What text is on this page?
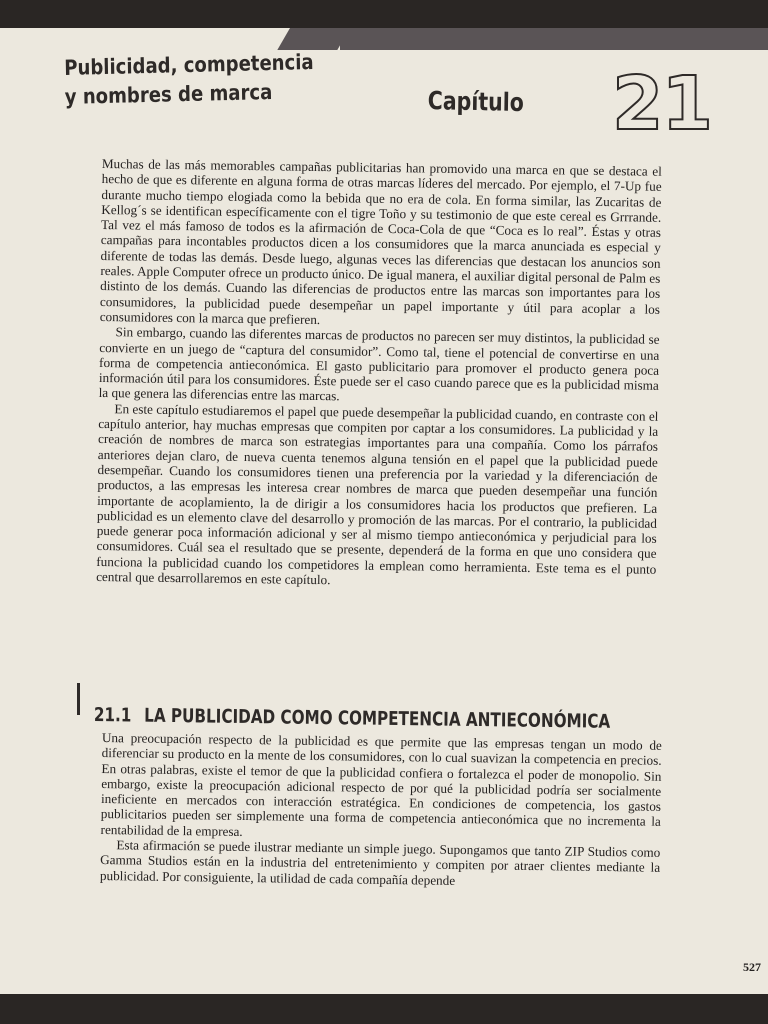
Publicidad, competencia
y nombres de marca	Capítulo 21

Muchas de las más memorables campañas publicitarias han promovido una marca en que se destaca el hecho de que es diferente en alguna forma de otras marcas líderes del mercado. Por ejemplo, el 7-Up fue durante mucho tiempo elogiada como la bebida que no era de cola. En forma similar, las Zucaritas de Kellog´s se identifican específicamente con el tigre Toño y su testimonio de que este cereal es Grrrande. Tal vez el más famoso de todos es la afirmación de Coca-Cola de que “Coca es lo real”. Éstas y otras campañas para incontables productos dicen a los consumidores que la marca anunciada es especial y diferente de todas las demás. Desde luego, algunas veces las diferencias que destacan los anuncios son reales. Apple Computer ofrece un producto único. De igual manera, el auxiliar digital personal de Palm es distinto de los demás. Cuando las diferencias de productos entre las marcas son importantes para los consumidores, la publicidad puede desempeñar un papel importante y útil para acoplar a los consumidores con la marca que prefieren.

Sin embargo, cuando las diferentes marcas de productos no parecen ser muy distintos, la publicidad se convierte en un juego de “captura del consumidor”. Como tal, tiene el potencial de convertirse en una forma de competencia antieconómica. El gasto publicitario para promover el producto genera poca información útil para los consumidores. Éste puede ser el caso cuando parece que es la publicidad misma la que genera las diferencias entre las marcas.

En este capítulo estudiaremos el papel que puede desempeñar la publicidad cuando, en contraste con el capítulo anterior, hay muchas empresas que compiten por captar a los consumidores. La publicidad y la creación de nombres de marca son estrategias importantes para una compañía. Como los párrafos anteriores dejan claro, de nueva cuenta tenemos alguna tensión en el papel que la publicidad puede desempeñar. Cuando los consumidores tienen una preferencia por la variedad y la diferenciación de productos, a las empresas les interesa crear nombres de marca que pueden desempeñar una función importante de acoplamiento, la de dirigir a los consumidores hacia los productos que prefieren. La publicidad es un elemento clave del desarrollo y promoción de las marcas. Por el contrario, la publicidad puede generar poca información adicional y ser al mismo tiempo antieconómica y perjudicial para los consumidores. Cuál sea el resultado que se presente, dependerá de la forma en que uno considera que funciona la publicidad cuando los competidores la emplean como herramienta. Este tema es el punto central que desarrollaremos en este capítulo.

21.1 LA PUBLICIDAD COMO COMPETENCIA ANTIECONÓMICA

Una preocupación respecto de la publicidad es que permite que las empresas tengan un modo de diferenciar su producto en la mente de los consumidores, con lo cual suavizan la competencia en precios. En otras palabras, existe el temor de que la publicidad confiera o fortalezca el poder de monopolio. Sin embargo, existe la preocupación adicional respecto de por qué la publicidad podría ser socialmente ineficiente en mercados con interacción estratégica. En condiciones de competencia, los gastos publicitarios pueden ser simplemente una forma de competencia antieconómica que no incrementa la rentabilidad de la empresa.

Esta afirmación se puede ilustrar mediante un simple juego. Supongamos que tanto ZIP Studios como Gamma Studios están en la industria del entretenimiento y compiten por atraer clientes mediante la publicidad. Por consiguiente, la utilidad de cada compañía depende

527
